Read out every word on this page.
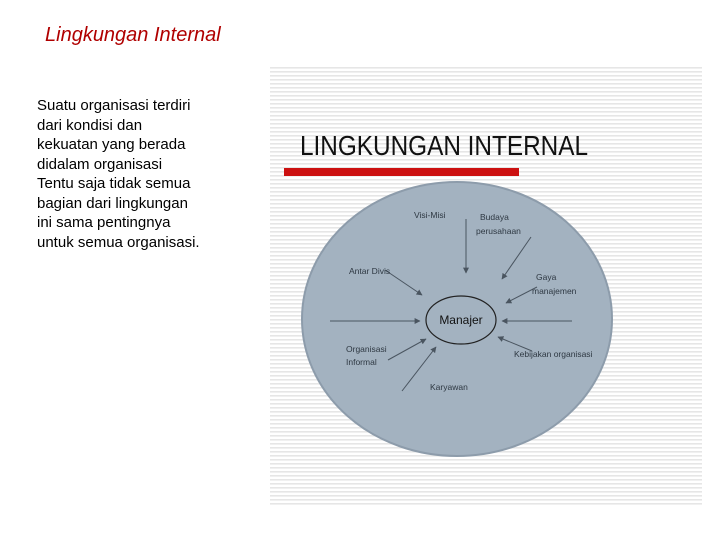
Lingkungan Internal
Suatu organisasi terdiri
dari kondisi dan
kekuatan yang berada
didalam organisasi
Tentu saja tidak semua
bagian dari lingkungan
ini sama pentingnya
untuk semua organisasi.
LINGKUNGAN INTERNAL
Manajer
Visi-Misi	Budaya
perusahaan
Antar Divis
Gaya
manajemen
Organisasi
Informal
Kebijakan organisasi
Karyawan
